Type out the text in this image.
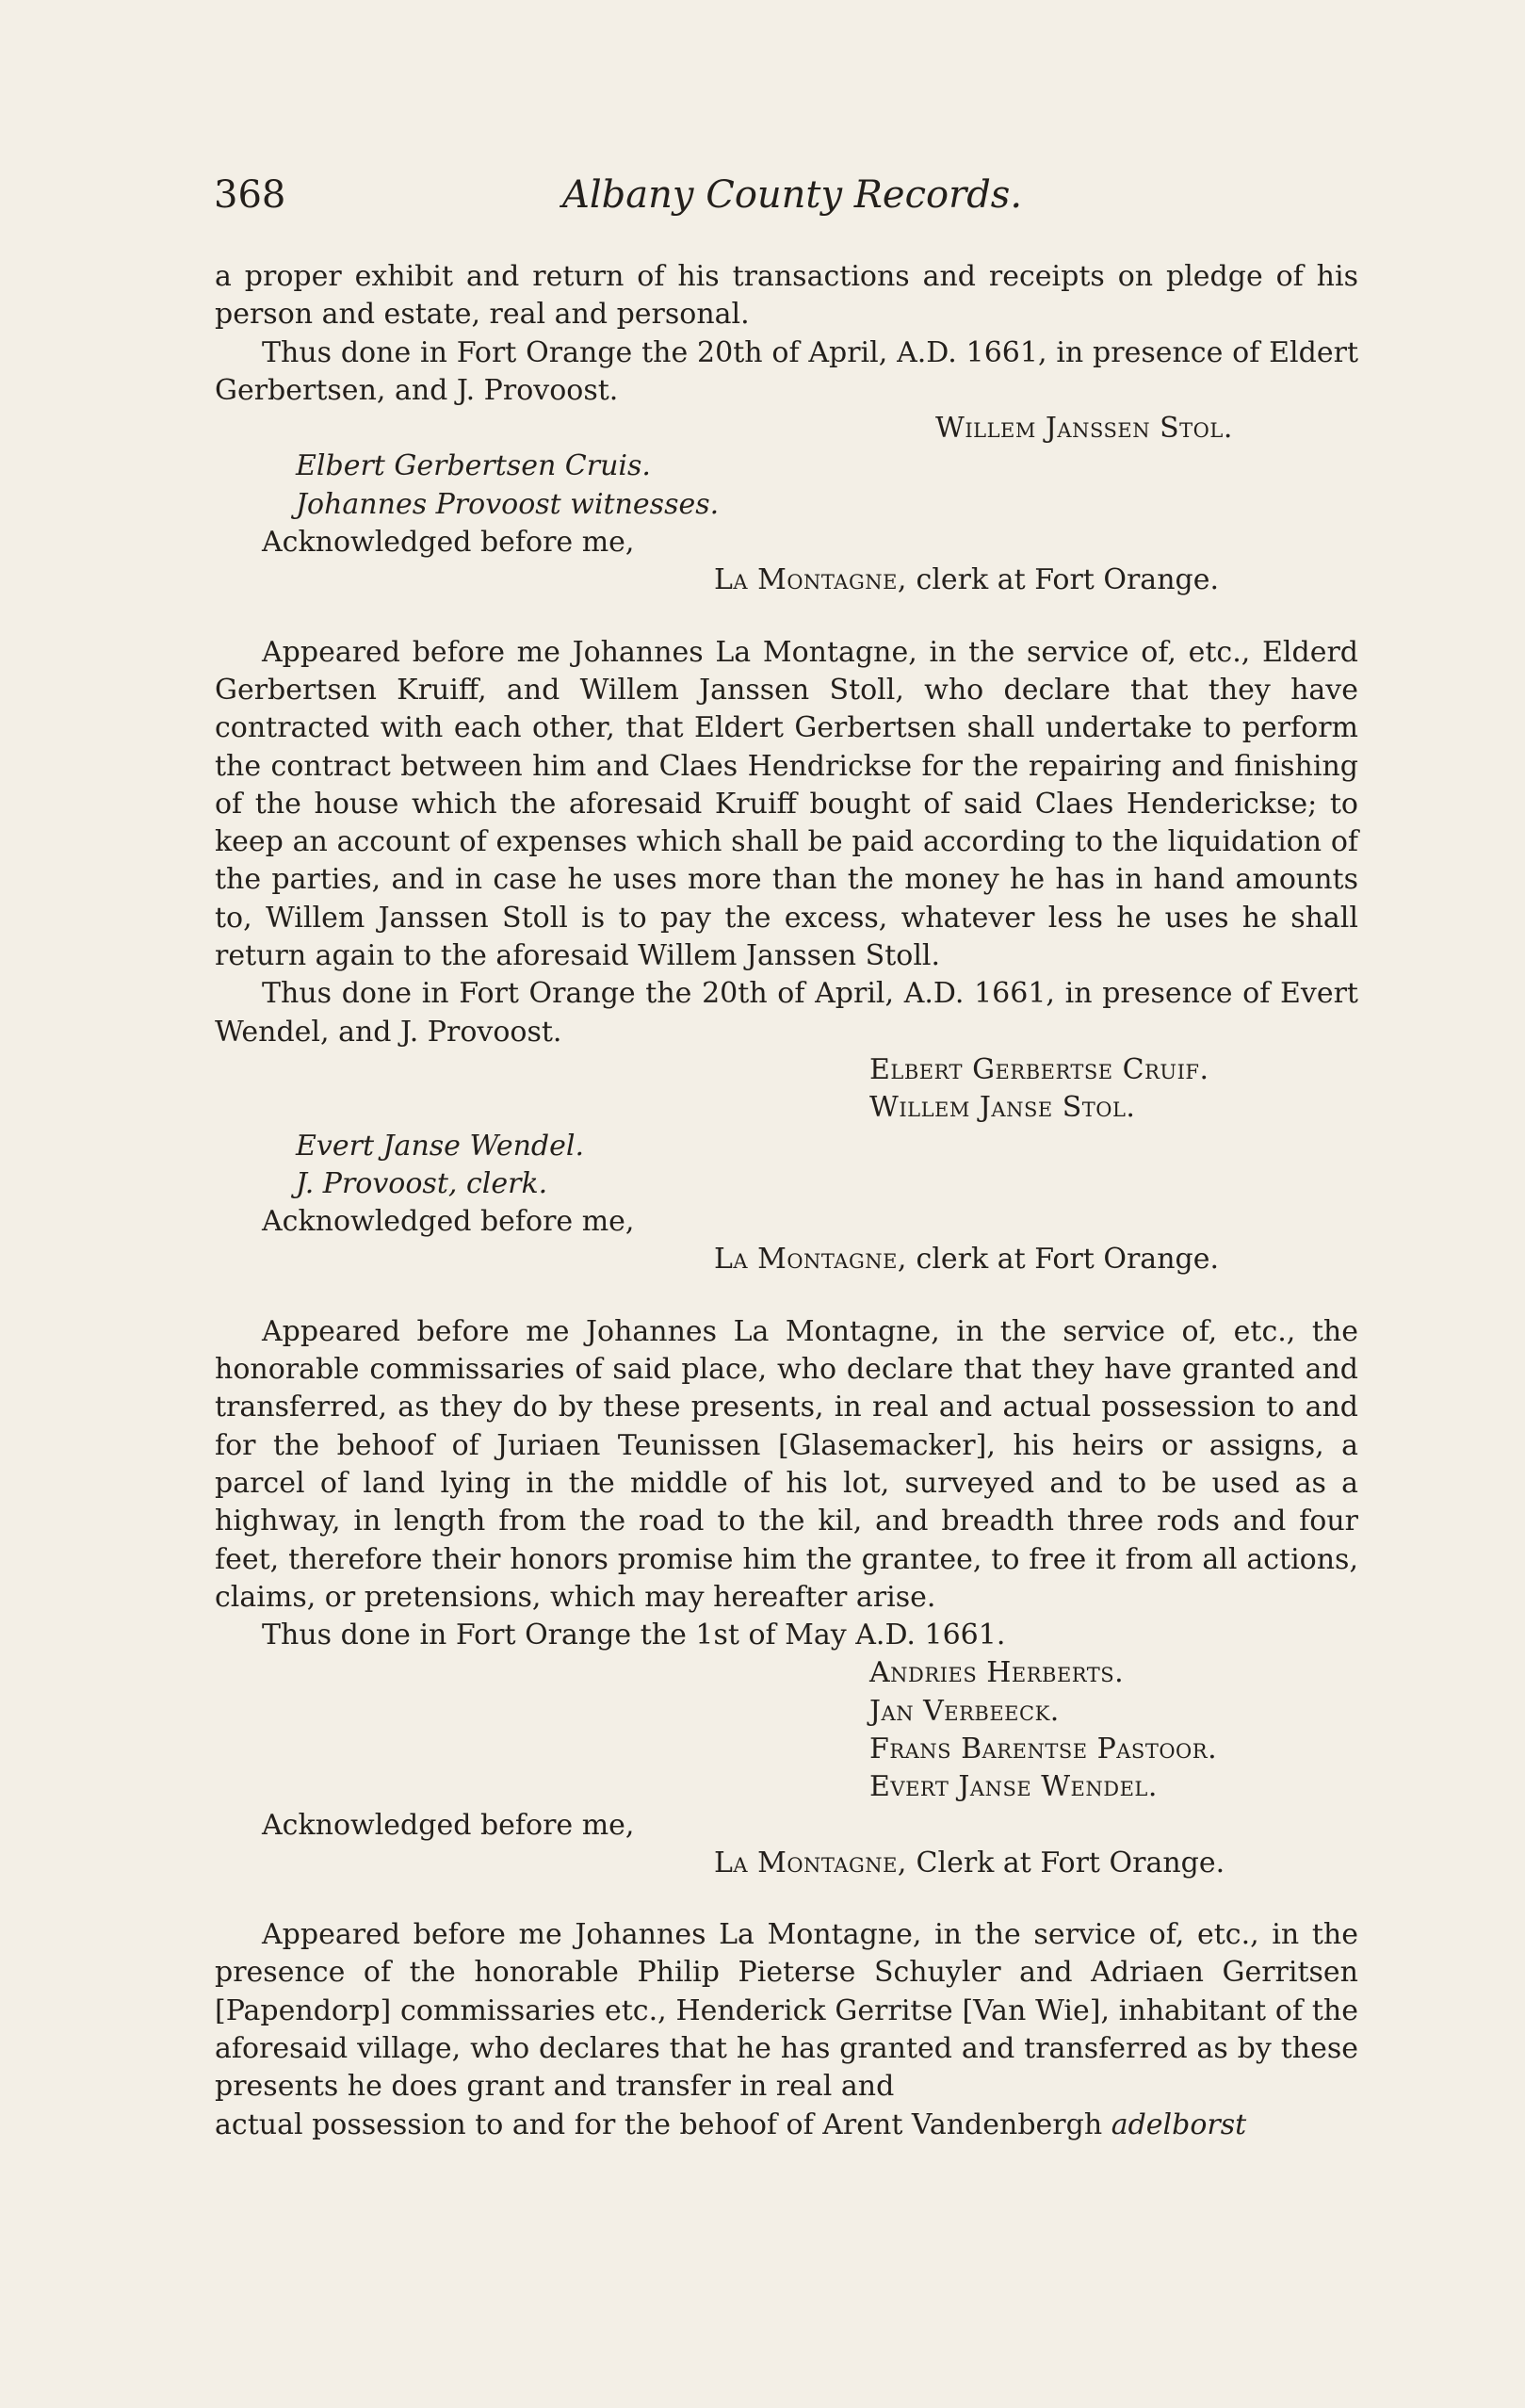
368	Albany County Records.

a proper exhibit and return of his transactions and receipts on pledge of his person and estate, real and personal.

Thus done in Fort Orange the 20th of April, A.D. 1661, in presence of Eldert Gerbertsen, and J. Provoost.

Willem Janssen Stol.

Elbert Gerbertsen Cruis.

Johannes Provoost witnesses.

Acknowledged before me,

La Montagne, clerk at Fort Orange.

Appeared before me Johannes La Montagne, in the service of, etc., Elderd Gerbertsen Kruiff, and Willem Janssen Stoll, who declare that they have contracted with each other, that Eldert Gerbertsen shall undertake to perform the contract between him and Claes Hendrickse for the repairing and finishing of the house which the aforesaid Kruiff bought of said Claes Henderickse; to keep an account of expenses which shall be paid according to the liquidation of the parties, and in case he uses more than the money he has in hand amounts to, Willem Janssen Stoll is to pay the excess, whatever less he uses he shall return again to the aforesaid Willem Janssen Stoll.

Thus done in Fort Orange the 20th of April, A.D. 1661, in presence of Evert Wendel, and J. Provoost.

Elbert Gerbertse Cruif.

Willem Janse Stol.

Evert Janse Wendel.

J. Provoost, clerk.

Acknowledged before me,

La Montagne, clerk at Fort Orange.

Appeared before me Johannes La Montagne, in the service of, etc., the honorable commissaries of said place, who declare that they have granted and transferred, as they do by these presents, in real and actual possession to and for the behoof of Juriaen Teunissen [Glasemacker], his heirs or assigns, a parcel of land lying in the middle of his lot, surveyed and to be used as a highway, in length from the road to the kil, and breadth three rods and four feet, therefore their honors promise him the grantee, to free it from all actions, claims, or pretensions, which may hereafter arise.

Thus done in Fort Orange the 1st of May A.D. 1661.

Andries Herberts.

Jan Verbeeck.

Frans Barentse Pastoor.

Evert Janse Wendel.

Acknowledged before me,

La Montagne, Clerk at Fort Orange.

Appeared before me Johannes La Montagne, in the service of, etc., in the presence of the honorable Philip Pieterse Schuyler and Adriaen Gerritsen [Papendorp] commissaries etc., Henderick Gerritse [Van Wie], inhabitant of the aforesaid village, who declares that he has granted and transferred as by these presents he does grant and transfer in real and

actual possession to and for the behoof of Arent Vandenbergh adelborst
